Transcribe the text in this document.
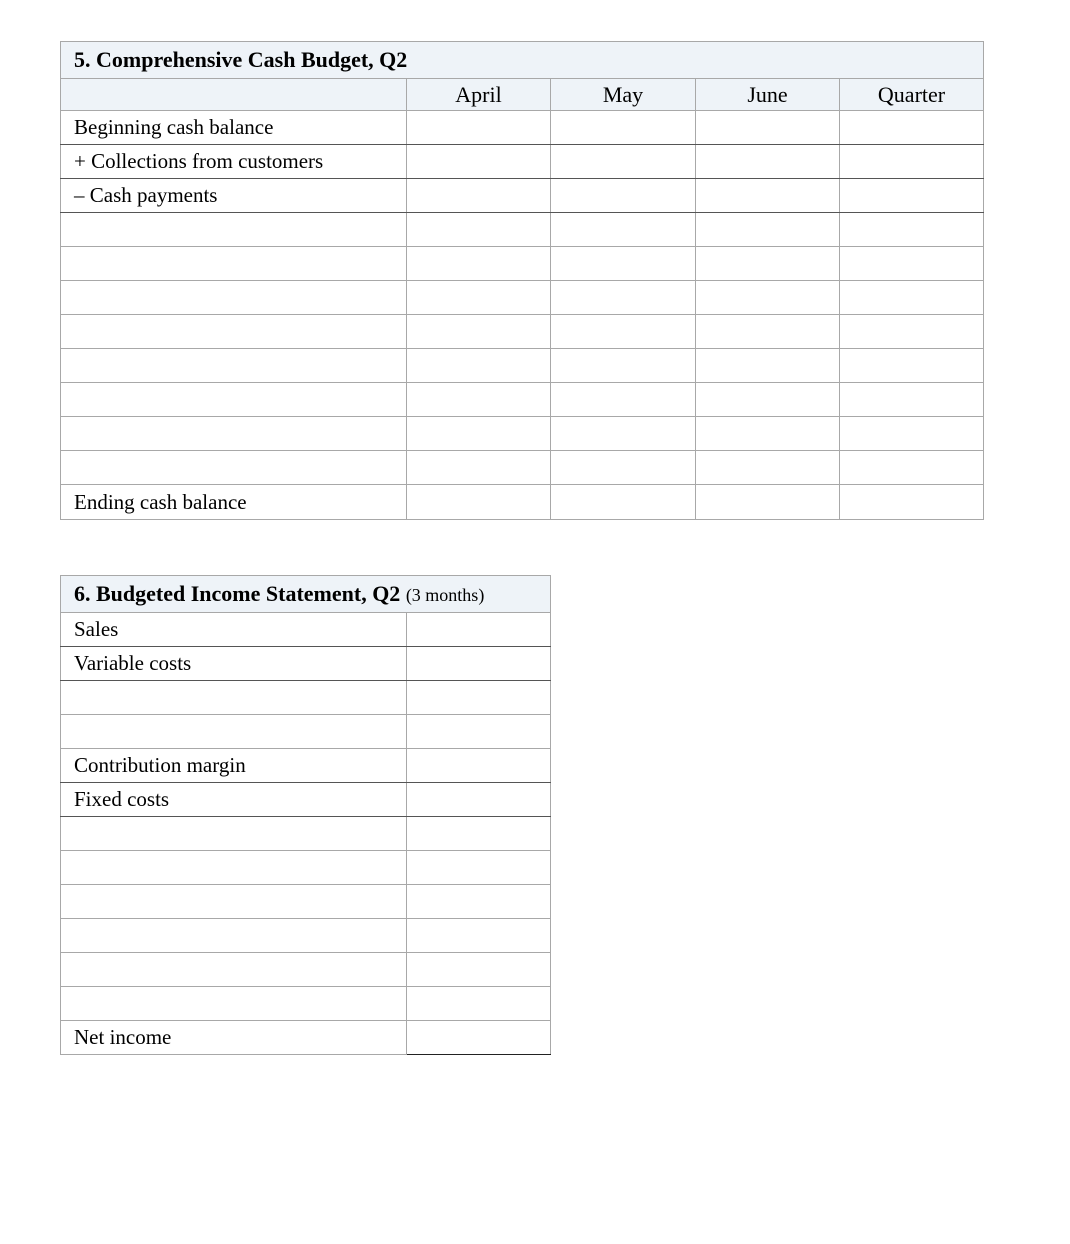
5. Comprehensive Cash Budget, Q2				
	April	May	June	Quarter
Beginning cash balance				
+ Collections from customers				
– Cash payments				

Ending cash balance				
6. Budgeted Income Statement, Q2 (3 months)	
Sales	
Variable costs	

Contribution margin	
Fixed costs	

Net income	
